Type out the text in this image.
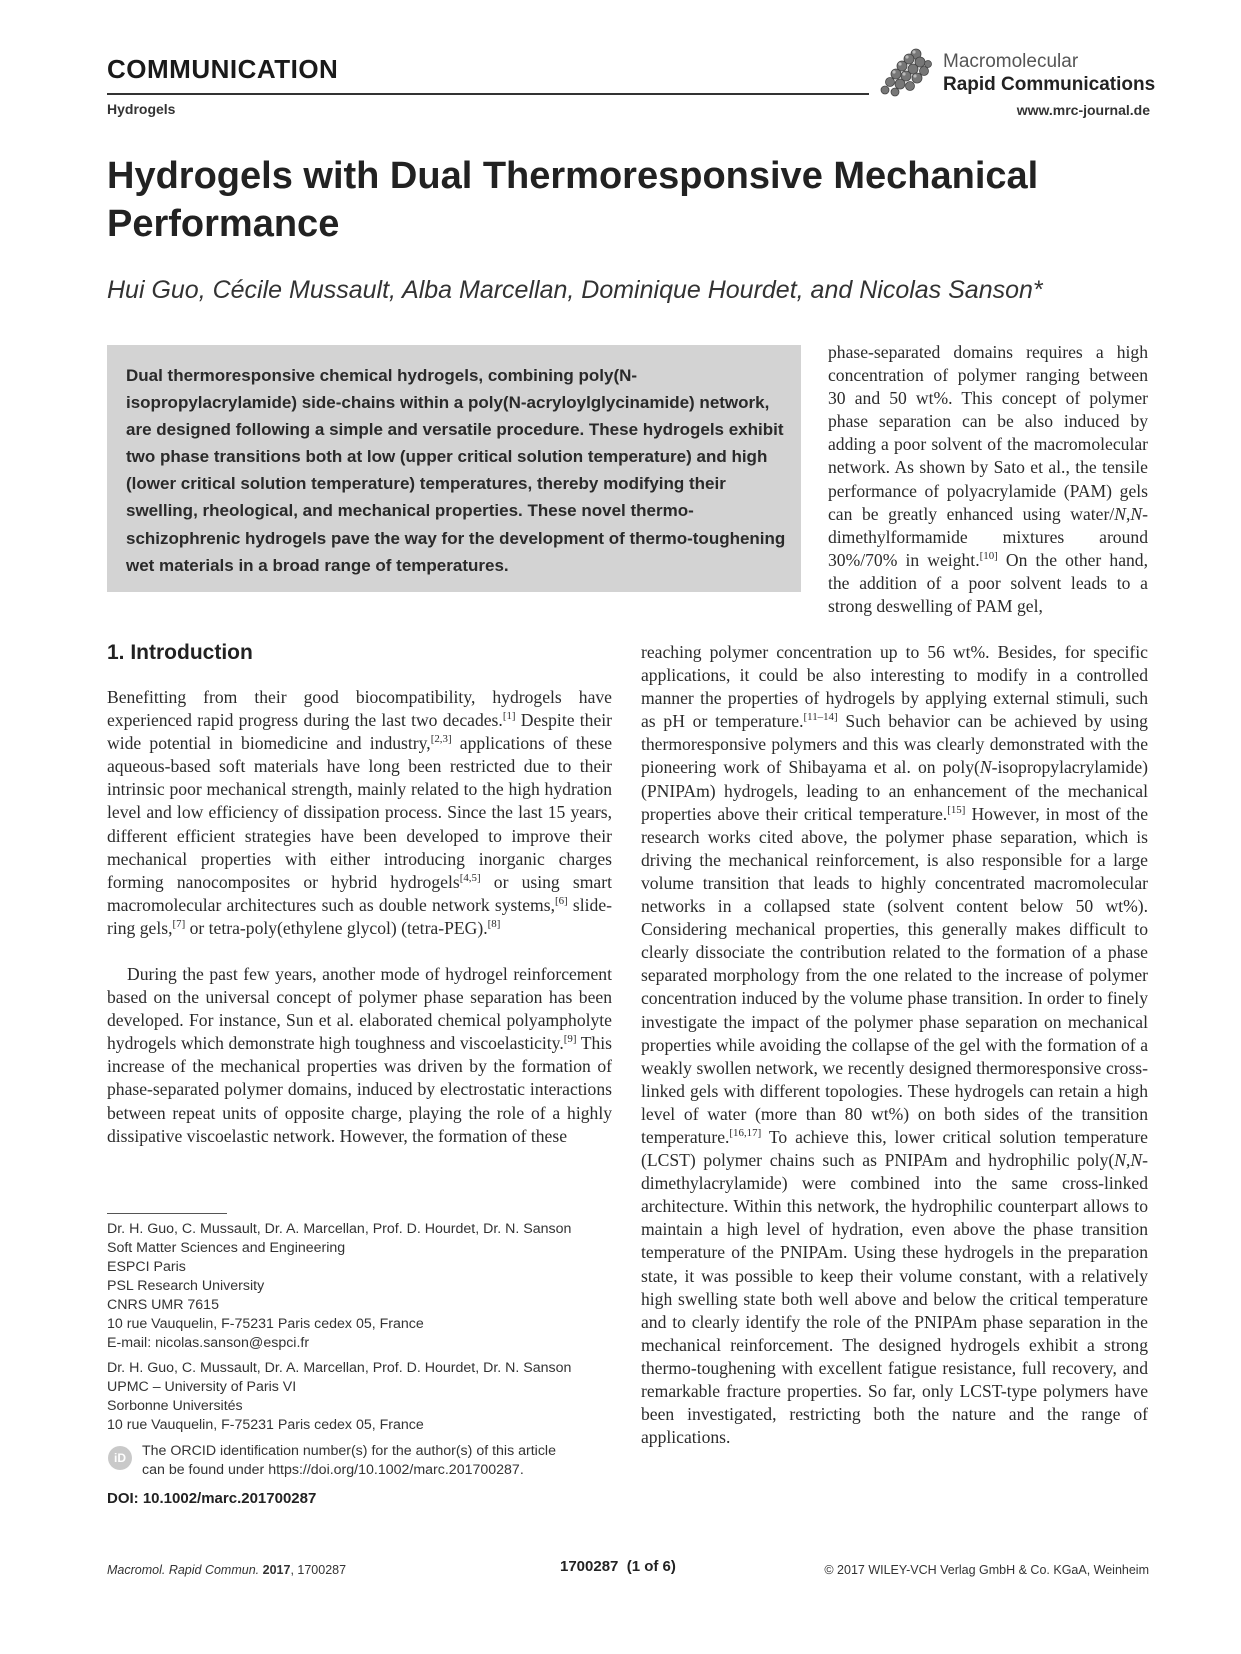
COMMUNICATION
Hydrogels
Macromolecular
Rapid Communications
www.mrc-journal.de
Hydrogels with Dual Thermoresponsive Mechanical Performance
Hui Guo, Cécile Mussault, Alba Marcellan, Dominique Hourdet, and Nicolas Sanson*
Dual thermoresponsive chemical hydrogels, combining poly(N-isopropylacrylamide) side-chains within a poly(N-acryloylglycinamide) network, are designed following a simple and versatile procedure. These hydrogels exhibit two phase transitions both at low (upper critical solution temperature) and high (lower critical solution temperature) temperatures, thereby modifying their swelling, rheological, and mechanical properties. These novel thermo-schizophrenic hydrogels pave the way for the development of thermo-toughening wet materials in a broad range of temperatures.
phase-separated domains requires a high concentration of polymer ranging between 30 and 50 wt%. This concept of polymer phase separation can be also induced by adding a poor solvent of the macromolecular network. As shown by Sato et al., the tensile performance of polyacrylamide (PAM) gels can be greatly enhanced using water/N,N-dimethylformamide mixtures around 30%/70% in weight.[10] On the other hand, the addition of a poor solvent leads to a strong deswelling of PAM gel,
reaching polymer concentration up to 56 wt%. Besides, for specific applications, it could be also interesting to modify in a controlled manner the properties of hydrogels by applying external stimuli, such as pH or temperature.[11–14] Such behavior can be achieved by using thermoresponsive polymers and this was clearly demonstrated with the pioneering work of Shibayama et al. on poly(N-isopropylacrylamide) (PNIPAm) hydrogels, leading to an enhancement of the mechanical properties above their critical temperature.[15] However, in most of the research works cited above, the polymer phase separation, which is driving the mechanical reinforcement, is also responsible for a large volume transition that leads to highly concentrated macromolecular networks in a collapsed state (solvent content below 50 wt%). Considering mechanical properties, this generally makes difficult to clearly dissociate the contribution related to the formation of a phase separated morphology from the one related to the increase of polymer concentration induced by the volume phase transition. In order to finely investigate the impact of the polymer phase separation on mechanical properties while avoiding the collapse of the gel with the formation of a weakly swollen network, we recently designed thermoresponsive cross-linked gels with different topologies. These hydrogels can retain a high level of water (more than 80 wt%) on both sides of the transition temperature.[16,17] To achieve this, lower critical solution temperature (LCST) polymer chains such as PNIPAm and hydrophilic poly(N,N-dimethylacrylamide) were combined into the same cross-linked architecture. Within this network, the hydrophilic counterpart allows to maintain a high level of hydration, even above the phase transition temperature of the PNIPAm. Using these hydrogels in the preparation state, it was possible to keep their volume constant, with a relatively high swelling state both well above and below the critical temperature and to clearly identify the role of the PNIPAm phase separation in the mechanical reinforcement. The designed hydrogels exhibit a strong thermo-toughening with excellent fatigue resistance, full recovery, and remarkable fracture properties. So far, only LCST-type polymers have been investigated, restricting both the nature and the range of applications.
1. Introduction
Benefitting from their good biocompatibility, hydrogels have experienced rapid progress during the last two decades.[1] Despite their wide potential in biomedicine and industry,[2,3] applications of these aqueous-based soft materials have long been restricted due to their intrinsic poor mechanical strength, mainly related to the high hydration level and low efficiency of dissipation process. Since the last 15 years, different efficient strategies have been developed to improve their mechanical properties with either introducing inorganic charges forming nanocomposites or hybrid hydrogels[4,5] or using smart macromolecular architectures such as double network systems,[6] slide-ring gels,[7] or tetra-poly(ethylene glycol) (tetra-PEG).[8]
During the past few years, another mode of hydrogel reinforcement based on the universal concept of polymer phase separation has been developed. For instance, Sun et al. elaborated chemical polyampholyte hydrogels which demonstrate high toughness and viscoelasticity.[9] This increase of the mechanical properties was driven by the formation of phase-separated polymer domains, induced by electrostatic interactions between repeat units of opposite charge, playing the role of a highly dissipative viscoelastic network. However, the formation of these
Dr. H. Guo, C. Mussault, Dr. A. Marcellan, Prof. D. Hourdet, Dr. N. Sanson
Soft Matter Sciences and Engineering
ESPCI Paris
PSL Research University
CNRS UMR 7615
10 rue Vauquelin, F-75231 Paris cedex 05, France
E-mail: nicolas.sanson@espci.fr
Dr. H. Guo, C. Mussault, Dr. A. Marcellan, Prof. D. Hourdet, Dr. N. Sanson
UPMC – University of Paris VI
Sorbonne Universités
10 rue Vauquelin, F-75231 Paris cedex 05, France
iD	The ORCID identification number(s) for the author(s) of this article
can be found under https://doi.org/10.1002/marc.201700287.
DOI: 10.1002/marc.201700287
Macromol. Rapid Commun. 2017, 1700287	1700287  (1 of 6)	© 2017 WILEY-VCH Verlag GmbH & Co. KGaA, Weinheim
